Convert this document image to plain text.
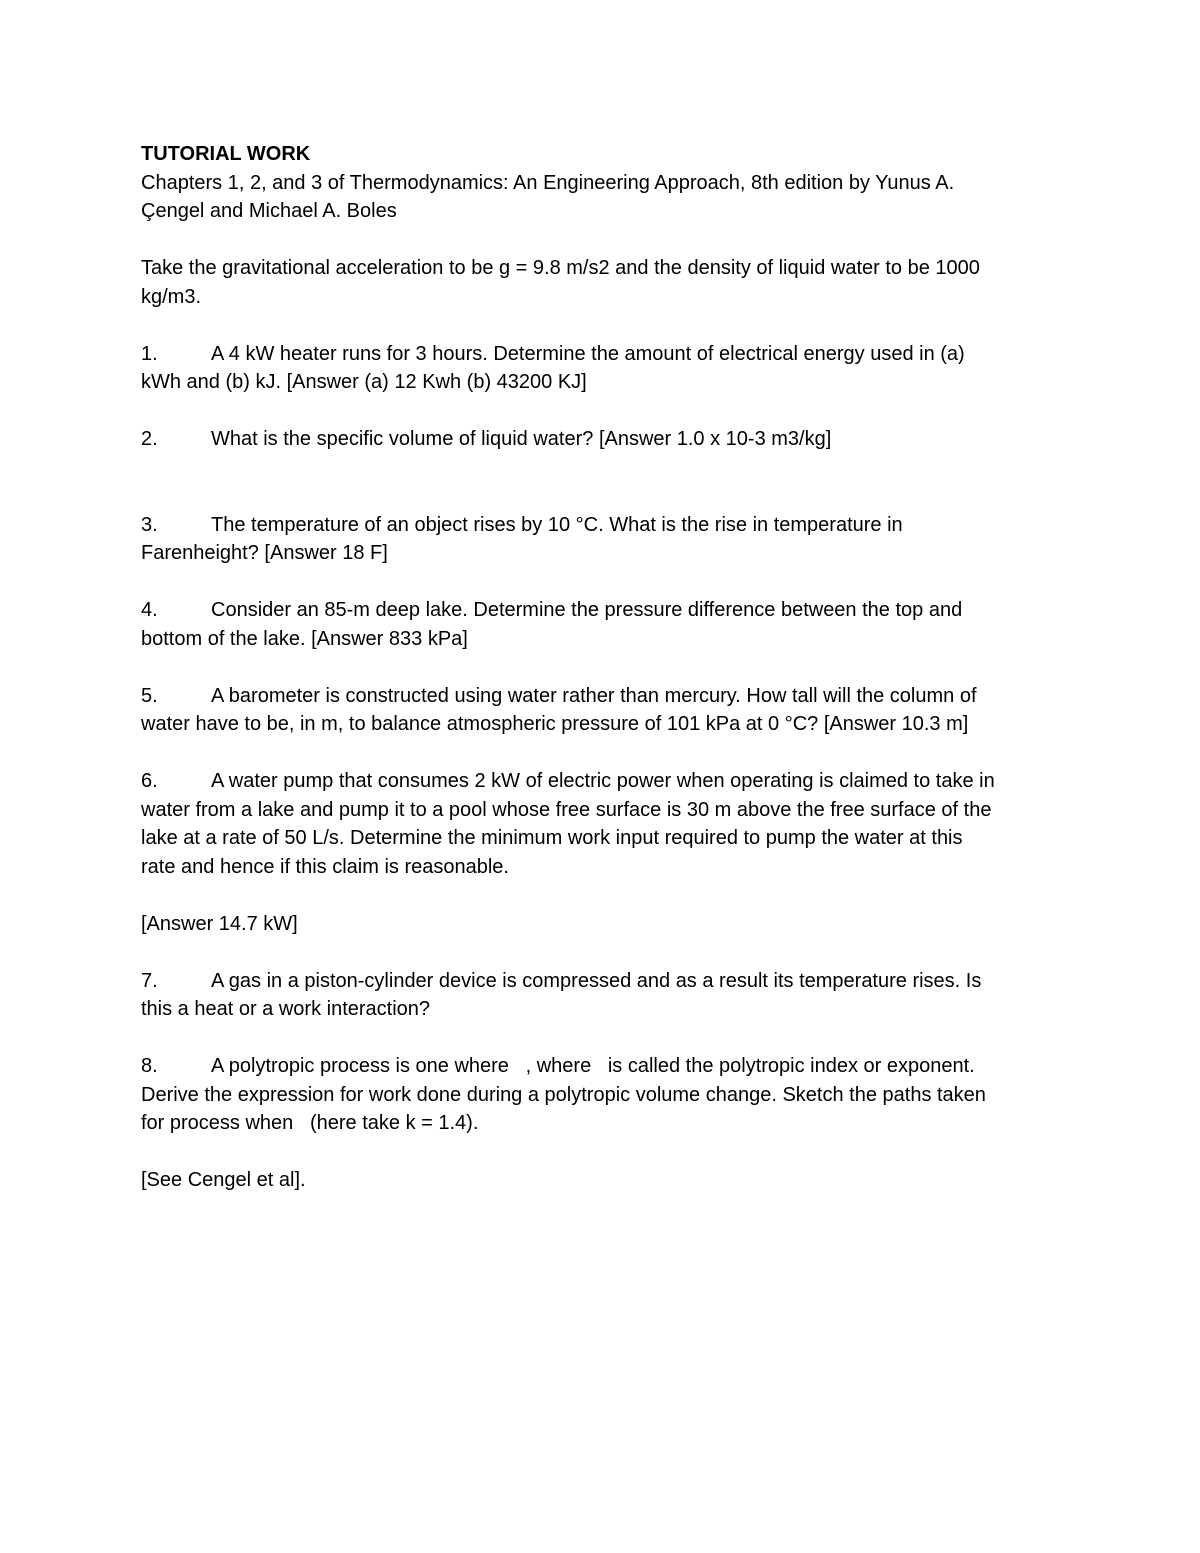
TUTORIAL WORK

Chapters 1, 2, and 3 of Thermodynamics: An Engineering Approach, 8th edition by Yunus A.

Çengel and Michael A. Boles

Take the gravitational acceleration to be g = 9.8 m/s2 and the density of liquid water to be 1000

kg/m3.

1.	A 4 kW heater runs for 3 hours. Determine the amount of electrical energy used in (a)

kWh and (b) kJ. [Answer (a) 12 Kwh (b) 43200 KJ]

2.	What is the specific volume of liquid water? [Answer 1.0 x 10-3 m3/kg]

3.	The temperature of an object rises by 10 °C. What is the rise in temperature in

Farenheight? [Answer 18 F]

4.	Consider an 85-m deep lake. Determine the pressure difference between the top and

bottom of the lake. [Answer 833 kPa]

5.	A barometer is constructed using water rather than mercury. How tall will the column of

water have to be, in m, to balance atmospheric pressure of 101 kPa at 0 °C? [Answer 10.3 m]

6.	A water pump that consumes 2 kW of electric power when operating is claimed to take in

water from a lake and pump it to a pool whose free surface is 30 m above the free surface of the

lake at a rate of 50 L/s. Determine the minimum work input required to pump the water at this

rate and hence if this claim is reasonable.

[Answer 14.7 kW]

7.	A gas in a piston-cylinder device is compressed and as a result its temperature rises. Is

this a heat or a work interaction?

8.	A polytropic process is one where   , where   is called the polytropic index or exponent.

Derive the expression for work done during a polytropic volume change. Sketch the paths taken

for process when   (here take k = 1.4).

[See Cengel et al].
